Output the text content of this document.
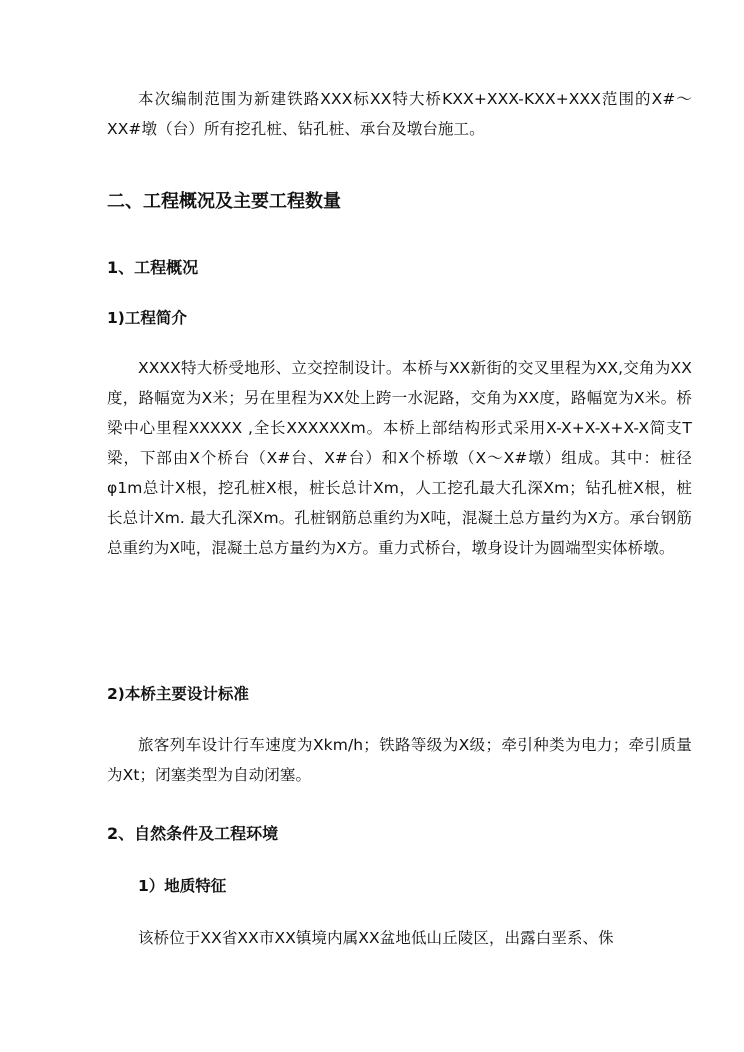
本次编制范围为新建铁路XXX标XX特大桥KXX+XXX-KXX+XXX范围的X#～XX#墩（台）所有挖孔桩、钻孔桩、承台及墩台施工。

二、工程概况及主要工程数量
1、工程概况
1)工程简介

XXXX特大桥受地形、立交控制设计。本桥与XX新街的交叉里程为XX,交角为XX度，路幅宽为X米；另在里程为XX处上跨一水泥路，交角为XX度，路幅宽为X米。桥梁中心里程XXXXX ,全长XXXXXXm。本桥上部结构形式采用X-X+X-X+X-X简支T梁，下部由X个桥台（X#台、X#台）和X个桥墩（X～X#墩）组成。其中：桩径φ1m总计X根，挖孔桩X根，桩长总计Xm，人工挖孔最大孔深Xm；钻孔桩X根，桩长总计Xm. 最大孔深Xm。孔桩钢筋总重约为X吨，混凝土总方量约为X方。承台钢筋总重约为X吨，混凝土总方量约为X方。重力式桥台，墩身设计为圆端型实体桥墩。

2)本桥主要设计标准

旅客列车设计行车速度为Xkm/h；铁路等级为X级；牵引种类为电力；牵引质量为Xt；闭塞类型为自动闭塞。

2、自然条件及工程环境
1）地质特征

该桥位于XX省XX市XX镇境内属XX盆地低山丘陵区，出露白垩系、侏
